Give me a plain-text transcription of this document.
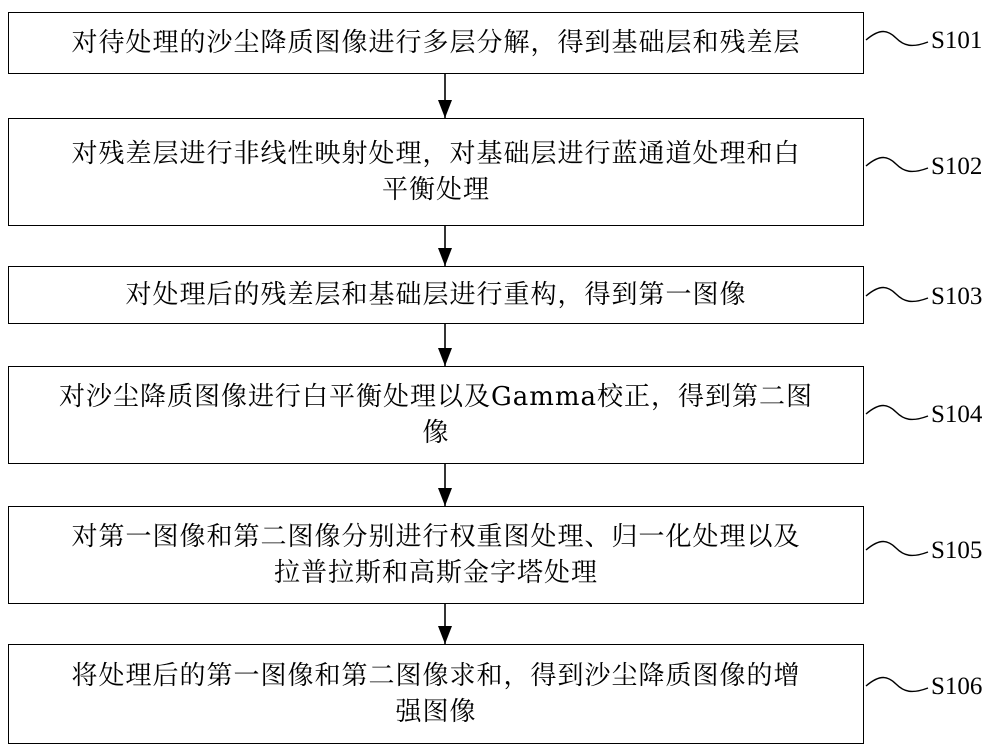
对待处理的沙尘降质图像进行多层分解，得到基础层和残差层	S101
对残差层进行非线性映射处理，对基础层进行蓝通道处理和白
平衡处理
S102
对处理后的残差层和基础层进行重构，得到第一图像	S103
对沙尘降质图像进行白平衡处理以及Gamma校正，得到第二图
像
S104
对第一图像和第二图像分别进行权重图处理、归一化处理以及
拉普拉斯和高斯金字塔处理
S105
将处理后的第一图像和第二图像求和，得到沙尘降质图像的增
强图像
S106
